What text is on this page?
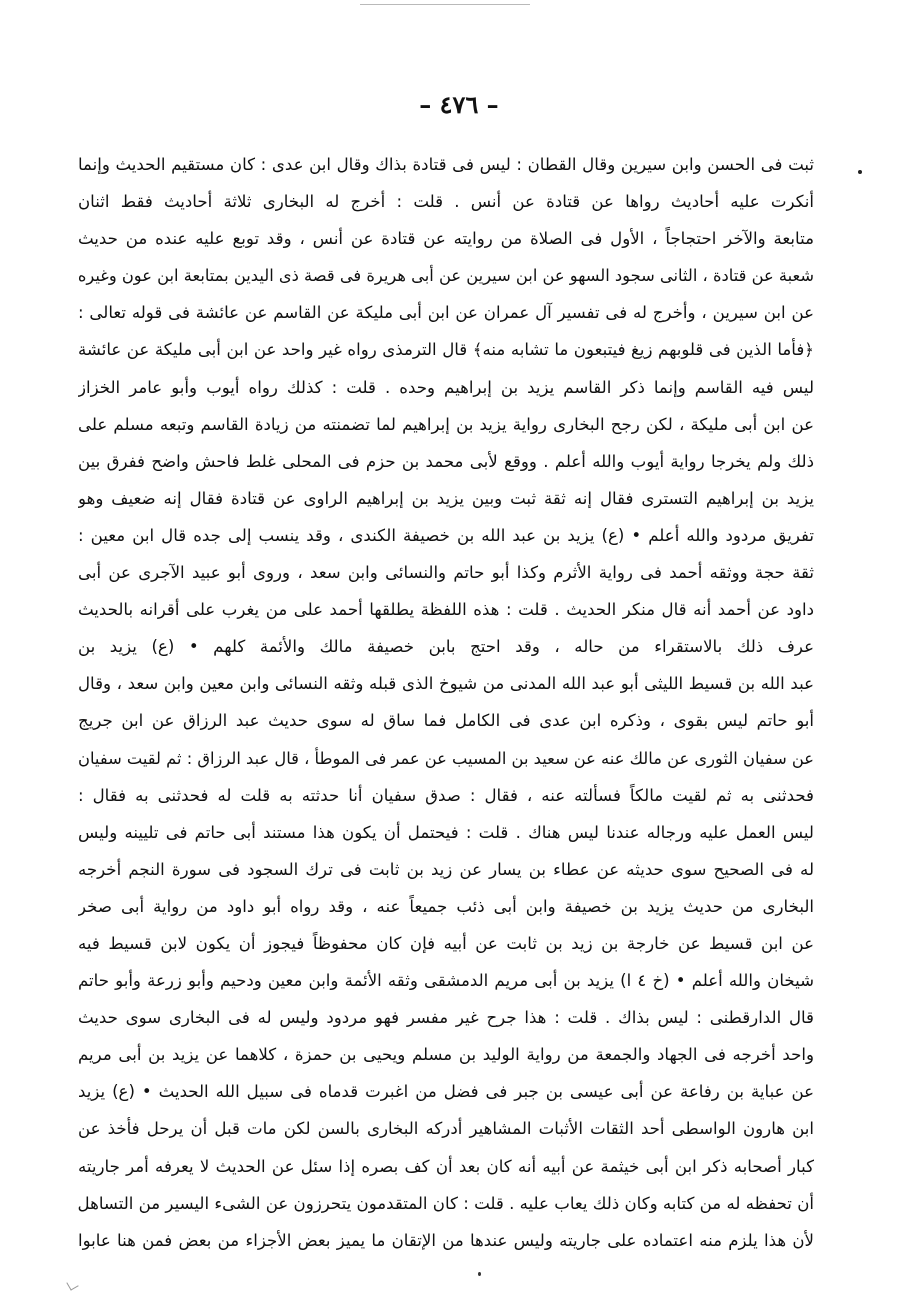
– ٤٧٦ –
ثبت فى الحسن وابن سيرين وقال القطان : ليس فى قتادة بذاك وقال ابن عدى : كان مستقيم الحديث وإنما
أنكرت عليه أحاديث رواها عن قتادة عن أنس . قلت : أخرج له البخارى ثلاثة أحاديث فقط اثنان
متابعة والآخر احتجاجاً ، الأول فى الصلاة من روايته عن قتادة عن أنس ، وقد توبع عليه عنده من حديث
شعبة عن قتادة ، الثانى سجود السهو عن ابن سيرين عن أبى هريرة فى قصة ذى اليدين بمتابعة ابن عون وغيره
عن ابن سيرين ، وأخرج له فى تفسير آل عمران عن ابن أبى مليكة عن القاسم عن عائشة فى قوله تعالى :
﴿فأما الذين فى قلوبهم زيغ فيتبعون ما تشابه منه﴾ قال الترمذى رواه غير واحد عن ابن أبى مليكة عن عائشة
ليس فيه القاسم وإنما ذكر القاسم يزيد بن إبراهيم وحده . قلت : كذلك رواه أيوب وأبو عامر الخزاز
عن ابن أبى مليكة ، لكن رجح البخارى رواية يزيد بن إبراهيم لما تضمنته من زيادة القاسم وتبعه مسلم على
ذلك ولم يخرجا رواية أيوب والله أعلم . ووقع لأبى محمد بن حزم فى المحلى غلط فاحش واضح ففرق بين
يزيد بن إبراهيم التسترى فقال إنه ثقة ثبت وبين يزيد بن إبراهيم الراوى عن قتادة فقال إنه ضعيف وهو
تفريق مردود والله أعلم • (ع) يزيد بن عبد الله بن خصيفة الكندى ، وقد ينسب إلى جده قال ابن معين :
ثقة حجة ووثقه أحمد فى رواية الأثرم وكذا أبو حاتم والنسائى وابن سعد ، وروى أبو عبيد الآجرى عن أبى
داود عن أحمد أنه قال منكر الحديث . قلت : هذه اللفظة يطلقها أحمد على من يغرب على أقرانه بالحديث
عرف ذلك بالاستقراء من حاله ، وقد احتج بابن خصيفة مالك والأئمة كلهم • (ع) يزيد بن
عبد الله بن قسيط الليثى أبو عبد الله المدنى من شيوخ الذى قبله وثقه النسائى وابن معين وابن سعد ، وقال
أبو حاتم ليس بقوى ، وذكره ابن عدى فى الكامل فما ساق له سوى حديث عبد الرزاق عن ابن جريج
عن سفيان الثورى عن مالك عنه عن سعيد بن المسيب عن عمر فى الموطأ ، قال عبد الرزاق : ثم لقيت سفيان
فحدثنى به ثم لقيت مالكاً فسألته عنه ، فقال : صدق سفيان أنا حدثته به قلت له فحدثنى به فقال :
ليس العمل عليه ورجاله عندنا ليس هناك . قلت : فيحتمل أن يكون هذا مستند أبى حاتم فى تليينه وليس
له فى الصحيح سوى حديثه عن عطاء بن يسار عن زيد بن ثابت فى ترك السجود فى سورة النجم أخرجه
البخارى من حديث يزيد بن خصيفة وابن أبى ذئب جميعاً عنه ، وقد رواه أبو داود من رواية أبى صخر
عن ابن قسيط عن خارجة بن زيد بن ثابت عن أبيه فإن كان محفوظاً فيجوز أن يكون لابن قسيط فيه
شيخان والله أعلم • (خ ٤ ا) يزيد بن أبى مريم الدمشقى وثقه الأئمة وابن معين ودحيم وأبو زرعة وأبو حاتم
قال الدارقطنى : ليس بذاك . قلت : هذا جرح غير مفسر فهو مردود وليس له فى البخارى سوى حديث
واحد أخرجه فى الجهاد والجمعة من رواية الوليد بن مسلم ويحيى بن حمزة ، كلاهما عن يزيد بن أبى مريم
عن عباية بن رفاعة عن أبى عيسى بن جبر فى فضل من اغبرت قدماه فى سبيل الله الحديث • (ع) يزيد
ابن هارون الواسطى أحد الثقات الأثبات المشاهير أدركه البخارى بالسن لكن مات قبل أن يرحل فأخذ عن
كبار أصحابه ذكر ابن أبى خيثمة عن أبيه أنه كان بعد أن كف بصره إذا سئل عن الحديث لا يعرفه أمر جاريته
أن تحفظه له من كتابه وكان ذلك يعاب عليه . قلت : كان المتقدمون يتحرزون عن الشىء اليسير من التساهل
لأن هذا يلزم منه اعتماده على جاريته وليس عندها من الإتقان ما يميز بعض الأجزاء من بعض فمن هنا عابوا
